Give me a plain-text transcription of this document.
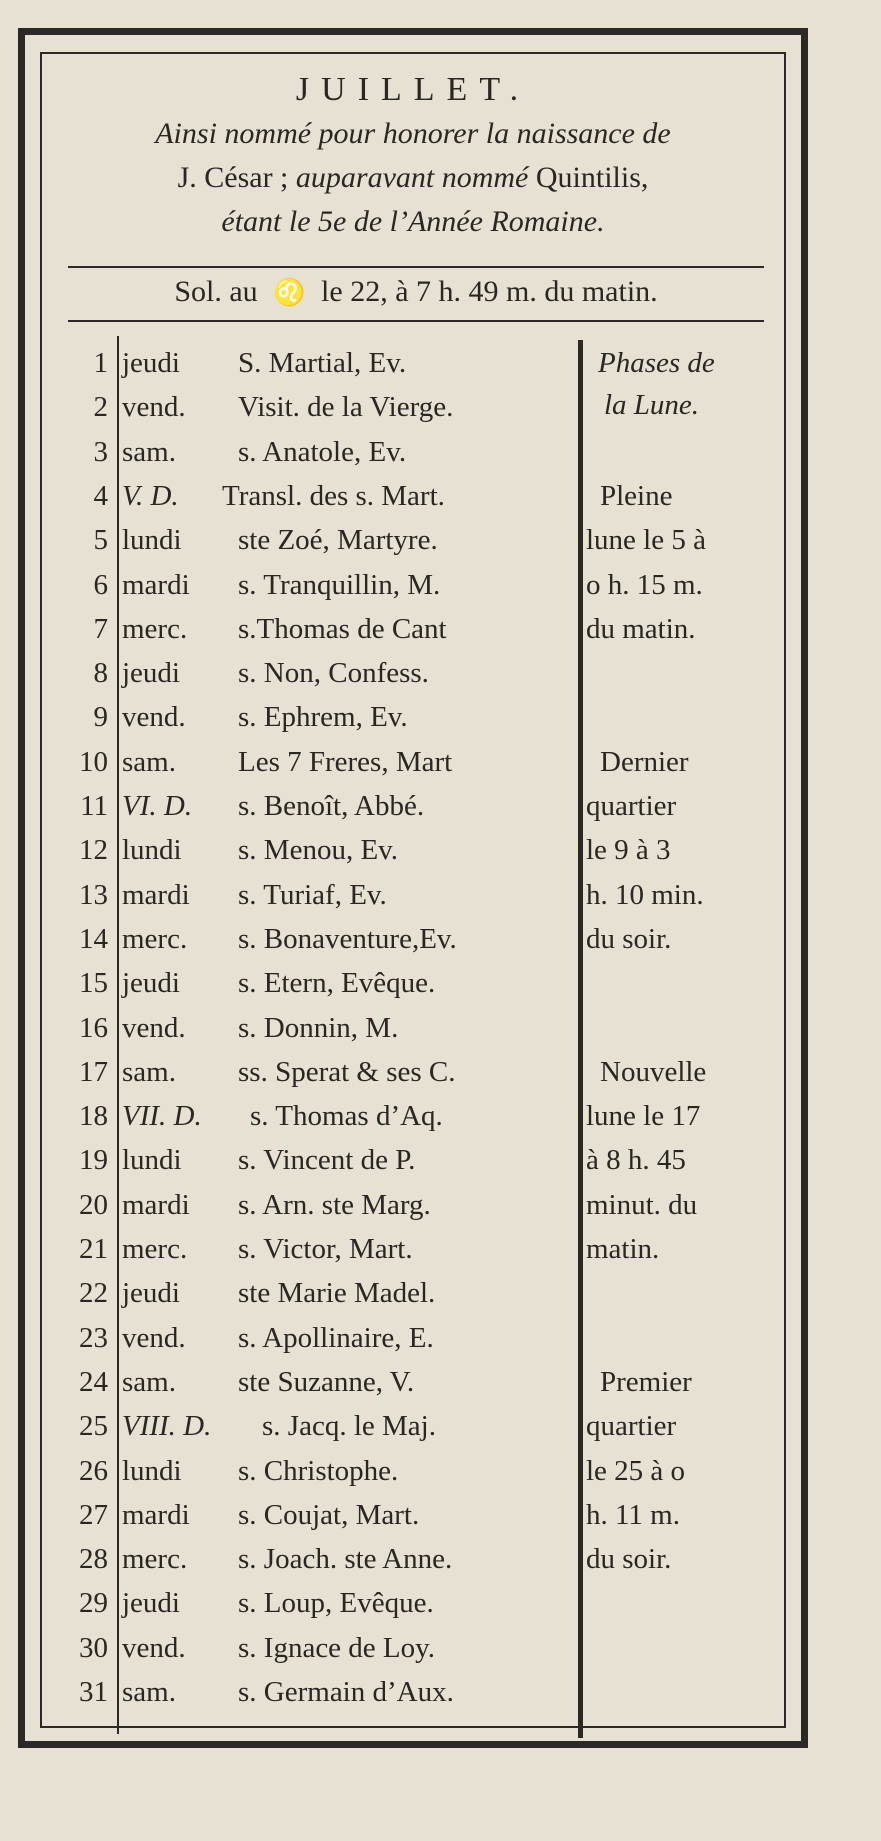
JUILLET.
Ainsi nommé pour honorer la naissance de
J. César ; auparavant nommé Quintilis,
étant le 5e de l’Année Romaine.
Sol. au ♌ le 22, à 7 h. 49 m. du matin.
1 jeudi S. Martial, Ev.
2 vend. Visit. de la Vierge.
3 sam. s. Anatole, Ev.
4 V. D. Transl. des s. Mart.
5 lundi ste Zoé, Martyre.
6 mardi s. Tranquillin, M.
7 merc. s.Thomas de Cant
8 jeudi s. Non, Confess.
9 vend. s. Ephrem, Ev.
10 sam. Les 7 Freres, Mart
11 VI. D. s. Benoît, Abbé.
12 lundi s. Menou, Ev.
13 mardi s. Turiaf, Ev.
14 merc. s. Bonaventure,Ev.
15 jeudi s. Etern, Evêque.
16 vend. s. Donnin, M.
17 sam. ss. Sperat & ses C.
18 VII. D. s. Thomas d’Aq.
19 lundi s. Vincent de P.
20 mardi s. Arn. ste Marg.
21 merc. s. Victor, Mart.
22 jeudi ste Marie Madel.
23 vend. s. Apollinaire, E.
24 sam. ste Suzanne, V.
25 VIII. D. s. Jacq. le Maj.
26 lundi s. Christophe.
27 mardi s. Coujat, Mart.
28 merc. s. Joach. ste Anne.
29 jeudi s. Loup, Evêque.
30 vend. s. Ignace de Loy.
31 sam. s. Germain d’Aux.
Phases de
la Lune.
Pleine
lune le 5 à
o h. 15 m.
du matin.
Dernier
quartier
le 9 à 3
h. 10 min.
du soir.
Nouvelle
lune le 17
à 8 h. 45
minut. du
matin.
Premier
quartier
le 25 à o
h. 11 m.
du soir.
